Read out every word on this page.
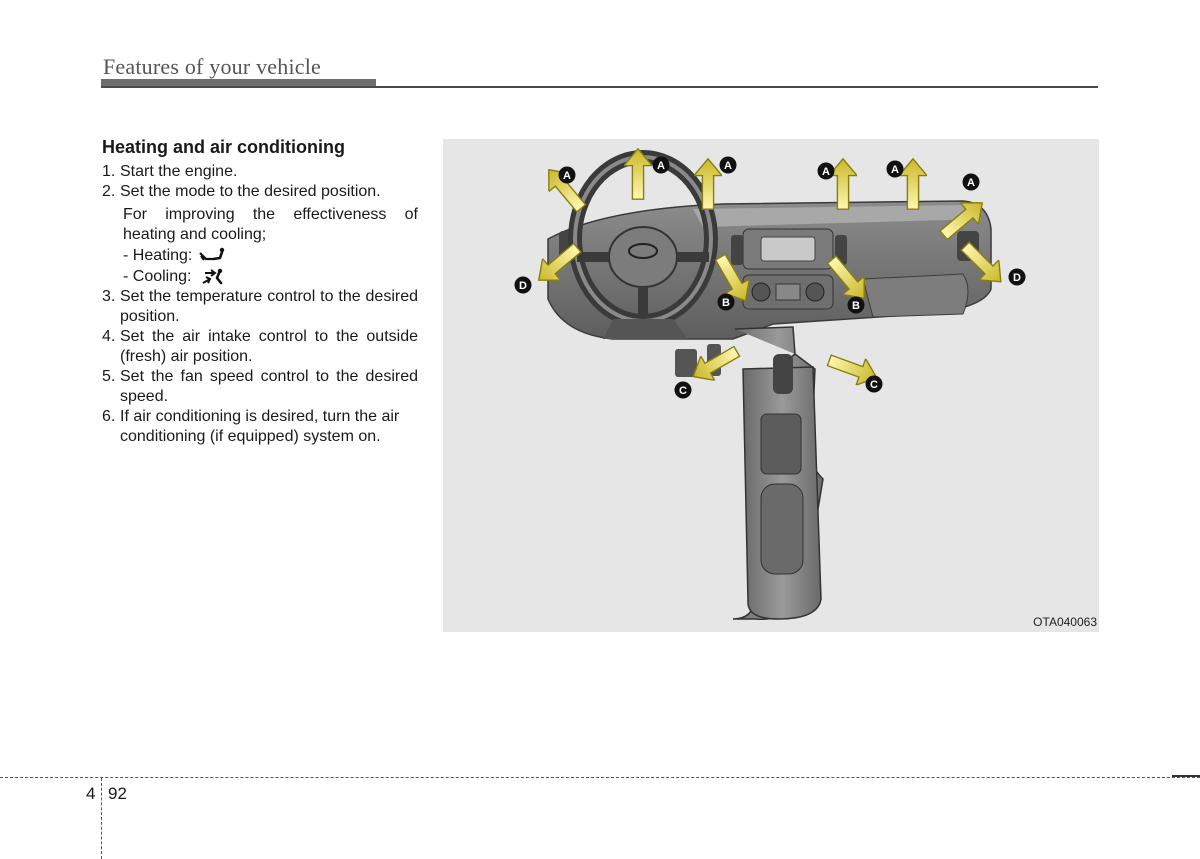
Features of your vehicle
Heating and air conditioning
1. Start the engine.
2. Set the mode to the desired position.
For improving the effectiveness of heating and cooling;
- Heating:
- Cooling:
3. Set the temperature control to the desired position.
4. Set the air intake control to the outside (fresh) air position.
5. Set the fan speed control to the desired speed.
6. If air conditioning is desired, turn the air conditioning (if equipped) system on.
A
A	A	A	A
A
B	B
C	C
D
D
OTA040063
4 92
